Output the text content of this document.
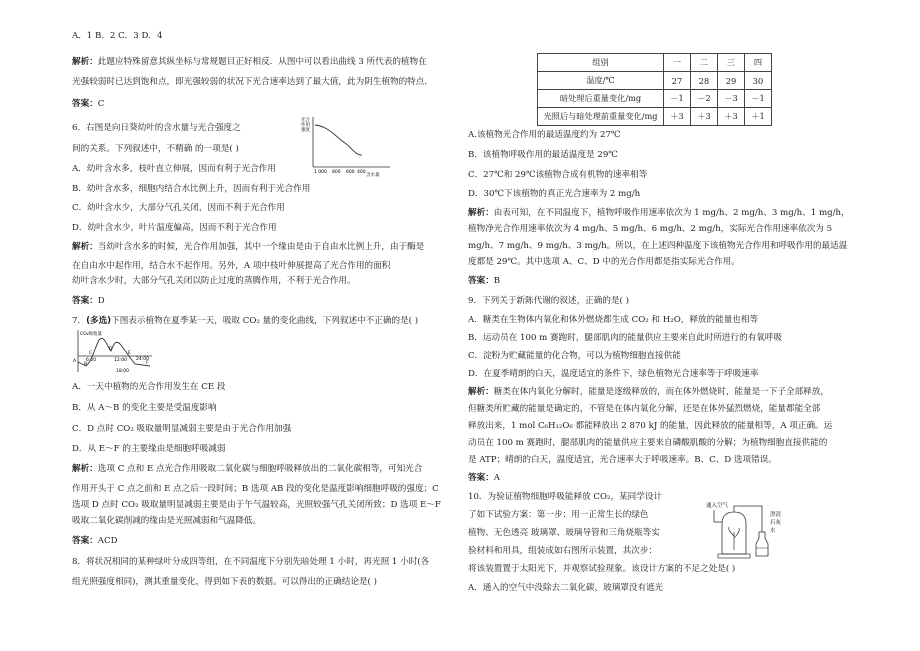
A．1 B．2 C．3 D．4
解析：此题应特殊留意其纵坐标与常规题目正好相反．从图中可以看出曲线 3 所代表的植物在
光强较弱时已达到饱和点，即光强较弱的状况下光合速率达到了最大值，此为阴生植物的特点．
答案：C
6．右图是向日葵幼叶的含水量与光合强度之
间的关系。下列叙述中，不精确 的一项是( )
A．幼叶含水多，枝叶直立伸展，因而有利于光合作用
B．幼叶含水多，细胞内结合水比例上升，因而有利于光合作用
C．幼叶含水少，大部分气孔关闭，因而不利于光合作用
D．幼叶含水少，叶片温度偏高，因而不利于光合作用
解析：当幼叶含水多的时候，光合作用加强，其中一个缘由是由于自由水比例上升，由于酶是
在自由水中起作用，结合水不起作用。另外，A 项中枝叶伸展提高了光合作用的面积
幼叶含水少时，大部分气孔关闭以防止过度的蒸腾作用，不利于光合作用。
答案：D
7．(多选)下图表示植物在夏季某一天，吸取 CO₂ 量的变化曲线，下列叙述中不正确的是( )
A．一天中植物的光合作用发生在 CE 段
B．从 A～B 的变化主要是受温度影响
C．D 点时 CO₂ 吸取量明显减弱主要是由于光合作用加强
D．从 E～F 的主要缘由是细胞呼吸减弱
解析：选项 C 点和 E 点光合作用吸取二氧化碳与细胞呼吸释放出的二氧化碳相等，可知光合
作用开头于 C 点之前和 E 点之后一段时间；B 选项 AB 段的变化是温度影响细胞呼吸的强度；C
选项 D 点时 CO₂ 吸取量明显减弱主要是由于午气温较高，光照较强气孔关闭所致；D 选项 E～F
吸取二氧化碳削减的缘由是光照减弱和气温降低。
答案：ACD
8．将状况相同的某种绿叶分成四等组，在不同温度下分别先暗处理 1 小时，再光照 1 小时(各
组光照强度相同)，测其重量变化，得到如下表的数据。可以得出的正确结论是( )
光合
作用
强度
1 000 800 600 400
含水量
CO₂吸收量
A
B
C
D
E
F
6:00	12:00
18:00
24:00
组别	一	二	三	四
温度/℃	27	28	29	30
暗处理后重量变化/mg	－1	－2	－3	－1
光照后与暗处理前重量变化/mg	＋3	＋3	＋3	＋1
A.该植物光合作用的最适温度约为 27℃
B．该植物呼吸作用的最适温度是 29℃
C．27℃和 29℃该植物合成有机物的速率相等
D．30℃下该植物的真正光合速率为 2 mg/h
解析：由表可知，在不同温度下，植物呼吸作用速率依次为 1 mg/h、2 mg/h、3 mg/h、1 mg/h，
植物净光合作用速率依次为 4 mg/h、5 mg/h、6 mg/h、2 mg/h，实际光合作用速率依次为 5
mg/h、7 mg/h、9 mg/h、3 mg/h。所以，在上述四种温度下该植物光合作用和呼吸作用的最适温
度都是 29℃。其中选项 A、C、D 中的光合作用都是指实际光合作用。
答案：B
9．下列关于新陈代谢的叙述，正确的是( )
A．糖类在生物体内氧化和体外燃烧都生成 CO₂ 和 H₂O，释放的能量也相等
B．运动员在 100 m 赛跑时，腿部肌肉的能量供应主要来自此时所进行的有氧呼吸
C．淀粉为贮藏能量的化合物，可以为植物细胞直接供能
D．在夏季晴朗的白天，温度适宜的条件下，绿色植物光合速率等于呼吸速率
解析：糖类在体内氧化分解时，能量是逐级释放的，而在体外燃烧时，能量是一下子全部释放，
但糖类所贮藏的能量是确定的，不管是在体内氧化分解，还是在体外猛烈燃烧，能量都能全部
释放出来，1 mol C₆H₁₂O₆ 都能释放出 2 870 kJ 的能量，因此释放的能量相等，A 项正确。运
动员在 100 m 赛跑时，腿部肌肉的能量供应主要来自磷酸肌酸的分解；为植物细胞直接供能的
是 ATP；晴朗的白天，温度适宜，光合速率大于呼吸速率。B、C、D 选项错误。
答案：A
10．为验证植物细胞呼吸能释放 CO₂，某同学设计
了如下试验方案：第一步：用一正常生长的绿色
植物、无色透亮 玻璃罩、玻璃导管和三角烧瓶等实
验材料和用具，组装成如右图所示装置，其次步：
将该装置置于太阳光下，并观察试验现象。该设计方案的不足之处是( )
A．通入的空气中没除去二氧化碳，玻璃罩没有遮光
通入空气
澄清
石灰
水
